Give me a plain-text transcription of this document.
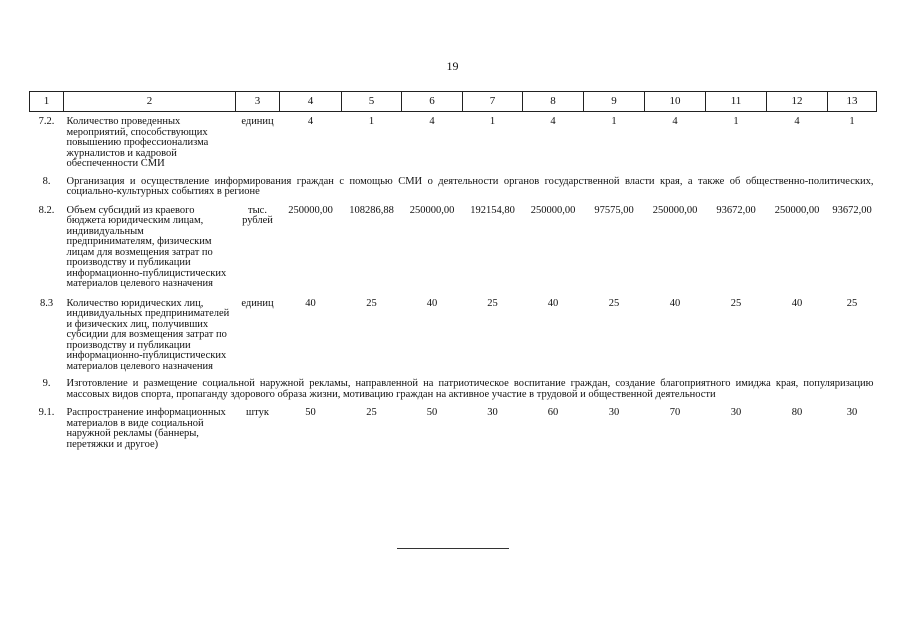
19
1	2	3	4	5	6	7	8	9	10	11	12	13
7.2.	Количество проведенных мероприятий, способствующих повышению профессионализма журналистов и кадровой обеспеченности СМИ	единиц	4	1	4	1	4	1	4	1	4	1
8.	Организация и осуществление информирования граждан с помощью СМИ о деятельности органов государственной власти края, а также об общественно-политических, социально-культурных событиях в регионе											
8.2.	Объем субсидий из краевого бюджета юридическим лицам, индивидуальным предпринимателям, физическим лицам для возмещения затрат по производству и публикации информационно-публицистических материалов целевого назначения	тыс. рублей	250000,00	108286,88	250000,00	192154,80	250000,00	97575,00	250000,00	93672,00	250000,00	93672,00
8.3	Количество юридических лиц, индивидуальных предпринимателей и физических лиц, получивших субсидии для возмещения затрат по производству и публикации информационно-публицистических материалов целевого назначения	единиц	40	25	40	25	40	25	40	25	40	25
9.	Изготовление и размещение социальной наружной рекламы, направленной на патриотическое воспитание граждан, создание благоприятного имиджа края, популяризацию массовых видов спорта, пропаганду здорового образа жизни, мотивацию граждан на активное участие в трудовой и общественной деятельности											
9.1.	Распространение информационных материалов в виде социальной наружной рекламы (баннеры, перетяжки и другое)	штук	50	25	50	30	60	30	70	30	80	30
